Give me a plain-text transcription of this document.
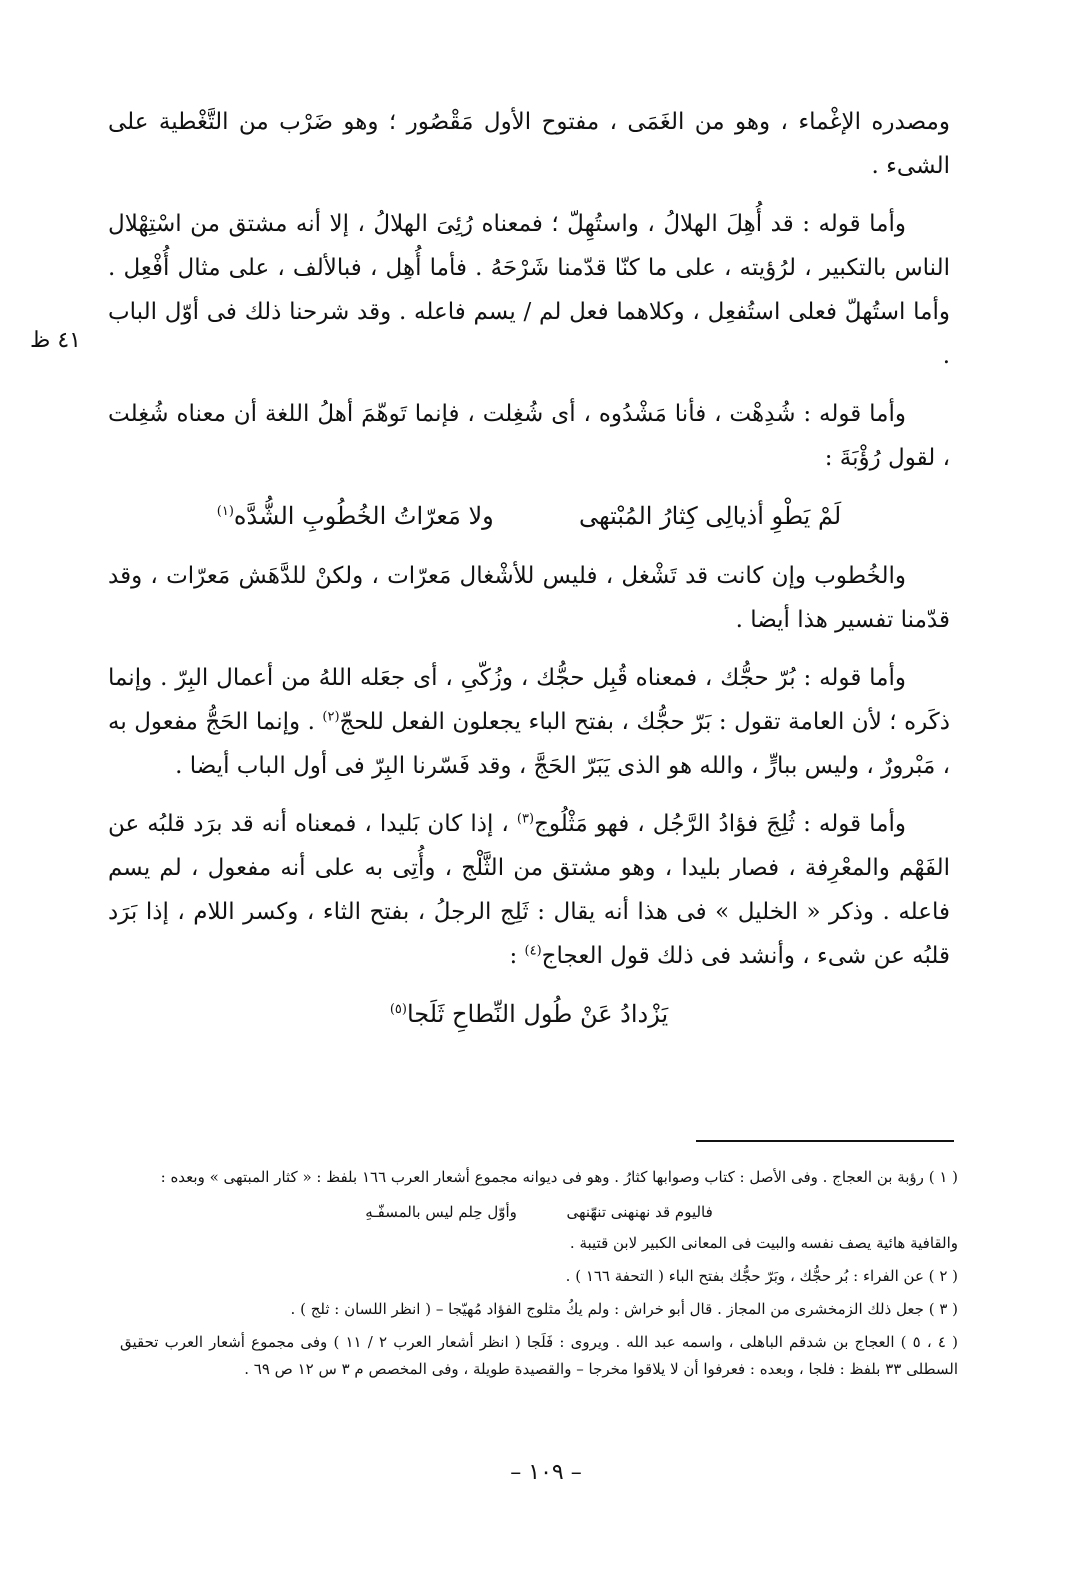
٤١ ظ

ومصدره الإغْماء ، وهو من الغَمَى ، مفتوح الأول مَقْصُور ؛ وهو ضَرْب من التَّغْطية على الشىء .

وأما قوله : قد أُهِلَ الهلالُ ، واستُهِلّ ؛ فمعناه رُئِىَ الهلالُ ، إلا أنه مشتق من اسْتِهْلال الناس بالتكبير ، لرُؤيته ، على ما كنّا قدّمنا شَرْحَهُ . فأما أُهِل ، فبالألف ، على مثال أُفْعِل . وأما استُهلّ فعلى استُفعِل ، وكلاهما فعل لم / يسم فاعله . وقد شرحنا ذلك فى أوّل الباب .

وأما قوله : شُدِهْت ، فأنا مَشْدُوه ، أى شُغِلت ، فإنما تَوهّمَ أهلُ اللغة أن معناه شُغِلت ، لقول رُؤْبَةَ :

لَمْ يَطْوِ أذيالِى كِثارُ المُبْتهى  ولا مَعرّاتُ الخُطُوبِ الشُّدَّه$^{(١)}$

والخُطوب وإن كانت قد تَشْغل ، فليس للأشْغال مَعرّات ، ولكنْ للدَّهَش مَعرّات ، وقد قدّمنا تفسير هذا أيضا .

وأما قوله : بُرّ حجُّك ، فمعناه قُبِل حجُّك ، وزُكّىِ ، أى جعَله اللهُ من أعمال البِرّ . وإنما ذكَره ؛ لأن العامة تقول : بَرّ حجُّك ، بفتح الباء يجعلون الفعل للحجّ$^{(٢)}$ . وإنما الحَجُّ مفعول به ، مَبْرورٌ ، وليس ببارٍّ ، والله هو الذى يَبَرّ الحَجَّ ، وقد فَسّرنا البِرّ فى أول الباب أيضا .

وأما قوله : ثُلِجَ فؤادُ الرَّجُل ، فهو مَثْلُوج$^{(٣)}$ ، إذا كان بَليدا ، فمعناه أنه قد برَد قلبُه عن الفَهْم والمعْرِفة ، فصار بليدا ، وهو مشتق من الثَّلْج ، وأُتِى به على أنه مفعول ، لم يسم فاعله . وذكر « الخليل » فى هذا أنه يقال : ثَلِج الرجلُ ، بفتح الثاء ، وكسر اللام ، إذا بَرَد قلبُه عن شىء ، وأنشد فى ذلك قول العجاج$^{(٤)}$ :

يَزْدادُ عَنْ طُول النِّطاحِ ثَلَجا$^{(٥)}$

( ١ ) رؤبة بن العجاج . وفى الأصل : كتاب وصوابها كثارُ . وهو فى ديوانه مجموع أشعار العرب ١٦٦ بلفظ : « كثار المبتهى » وبعده :

فاليوم قد نهنهنى تنهّنهى  وأوّل حِلم ليس بالمسفّـهِ

والقافية هائية يصف نفسه والبيت فى المعانى الكبير لابن قتيبة .

( ٢ ) عن الفراء : بُر حجُّك ، وبَرّ حجُّك بفتح الباء ( التحفة ١٦٦ ) .

( ٣ ) جعل ذلك الزمخشرى من المجاز . قال أبو خراش : ولم يكُ مثلوج الفؤاد مُهيّجا – ( انظر اللسان : ثلج ) .

( ٤ ، ٥ ) العجاج بن شدقم الباهلى ، واسمه عبد الله . ويروى : فَلَجا ( انظر أشعار العرب ٢ / ١١ ) وفى مجموع أشعار العرب تحقيق السطلى ٣٣ بلفظ : فلجا ، وبعده : فعرفوا أن لا يلاقوا مخرجا – والقصيدة طويلة ، وفى المخصص م ٣ س ١٢ ص ٦٩ .

– ١٠٩ –
